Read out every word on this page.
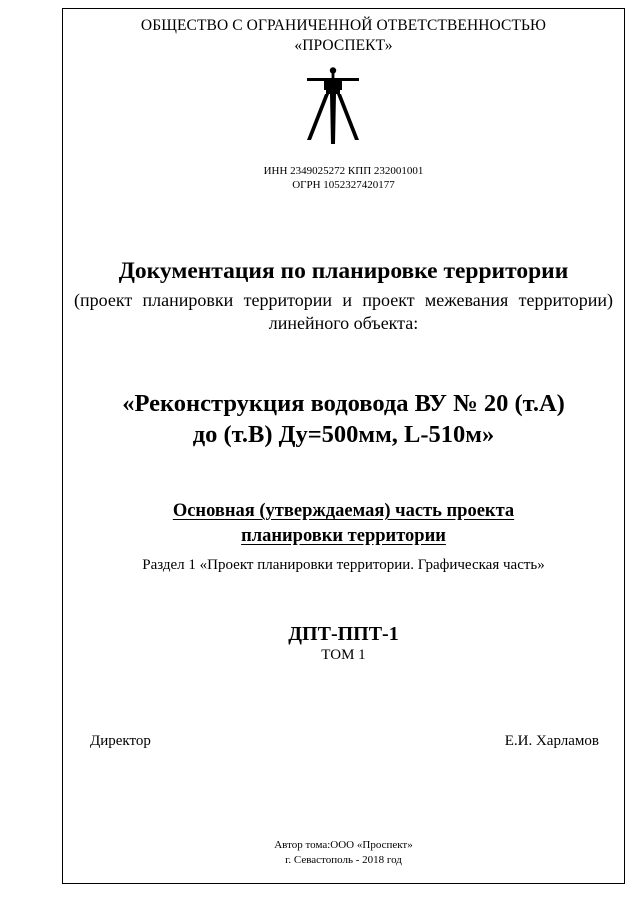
ОБЩЕСТВО С ОГРАНИЧЕННОЙ ОТВЕТСТВЕННОСТЬЮ
«ПРОСПЕКТ»
ИНН 2349025272 КПП 232001001
ОГРН 1052327420177
Документация по планировке территории
(проект планировки территории и проект межевания территории) линейного объекта:
«Реконструкция водовода ВУ № 20 (т.А)
до (т.В) Ду=500мм, L-510м»
Основная (утверждаемая) часть проекта
планировки территории
Раздел 1 «Проект планировки территории. Графическая часть»
ДПТ-ППТ-1
ТОМ 1
Директор	Е.И. Харламов
Автор тома:ООО «Проспект»
г. Севастополь - 2018 год
